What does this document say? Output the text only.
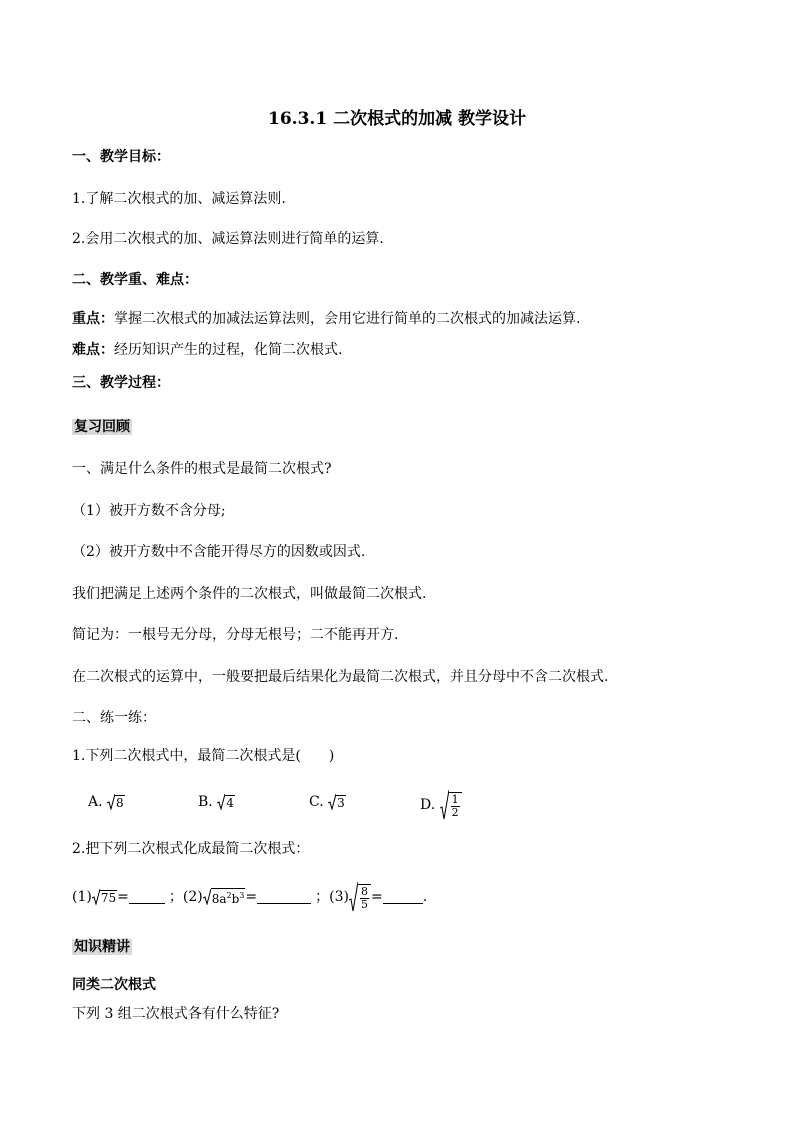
16.3.1 二次根式的加减 教学设计
一、教学目标：
1.了解二次根式的加、减运算法则.
2.会用二次根式的加、减运算法则进行简单的运算.
二、教学重、难点：
重点：掌握二次根式的加减法运算法则，会用它进行简单的二次根式的加减法运算.
难点：经历知识产生的过程，化简二次根式.
三、教学过程：
复习回顾
一、满足什么条件的根式是最简二次根式?
（1）被开方数不含分母;
（2）被开方数中不含能开得尽方的因数或因式.
我们把满足上述两个条件的二次根式，叫做最简二次根式.
简记为：一根号无分母，分母无根号；二不能再开方.
在二次根式的运算中，一般要把最后结果化为最简二次根式，并且分母中不含二次根式.
二、练一练：
1.下列二次根式中，最简二次根式是(　　)
A. 8	B. 4	C. 3	D. $\frac{1}{2}$
2.把下列二次根式化成最简二次根式：
(1) 75 =	；(2) $8a^2b^3$ =	；$(3) \frac{8}{5}$ =	.
知识精讲
同类二次根式
下列 3 组二次根式各有什么特征?
